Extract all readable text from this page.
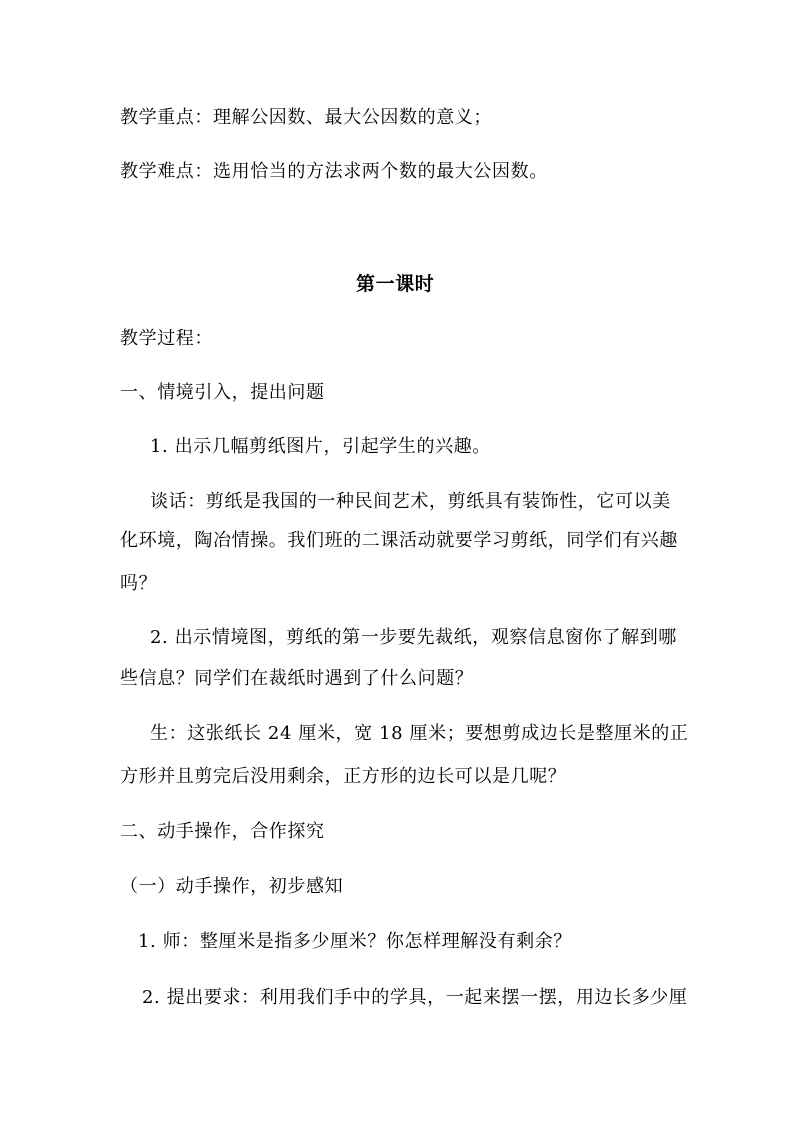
教学重点：理解公因数、最大公因数的意义；
教学难点：选用恰当的方法求两个数的最大公因数。
第一课时
教学过程：
一、情境引入，提出问题
1. 出示几幅剪纸图片，引起学生的兴趣。
谈话：剪纸是我国的一种民间艺术，剪纸具有装饰性，它可以美
化环境，陶冶情操。我们班的二课活动就要学习剪纸，同学们有兴趣
吗？
2. 出示情境图，剪纸的第一步要先裁纸，观察信息窗你了解到哪
些信息？同学们在裁纸时遇到了什么问题？
生：这张纸长 24 厘米，宽 18 厘米；要想剪成边长是整厘米的正
方形并且剪完后没用剩余，正方形的边长可以是几呢？
二、动手操作，合作探究
（一）动手操作，初步感知
1. 师：整厘米是指多少厘米？你怎样理解没有剩余？
2. 提出要求：利用我们手中的学具，一起来摆一摆，用边长多少厘
